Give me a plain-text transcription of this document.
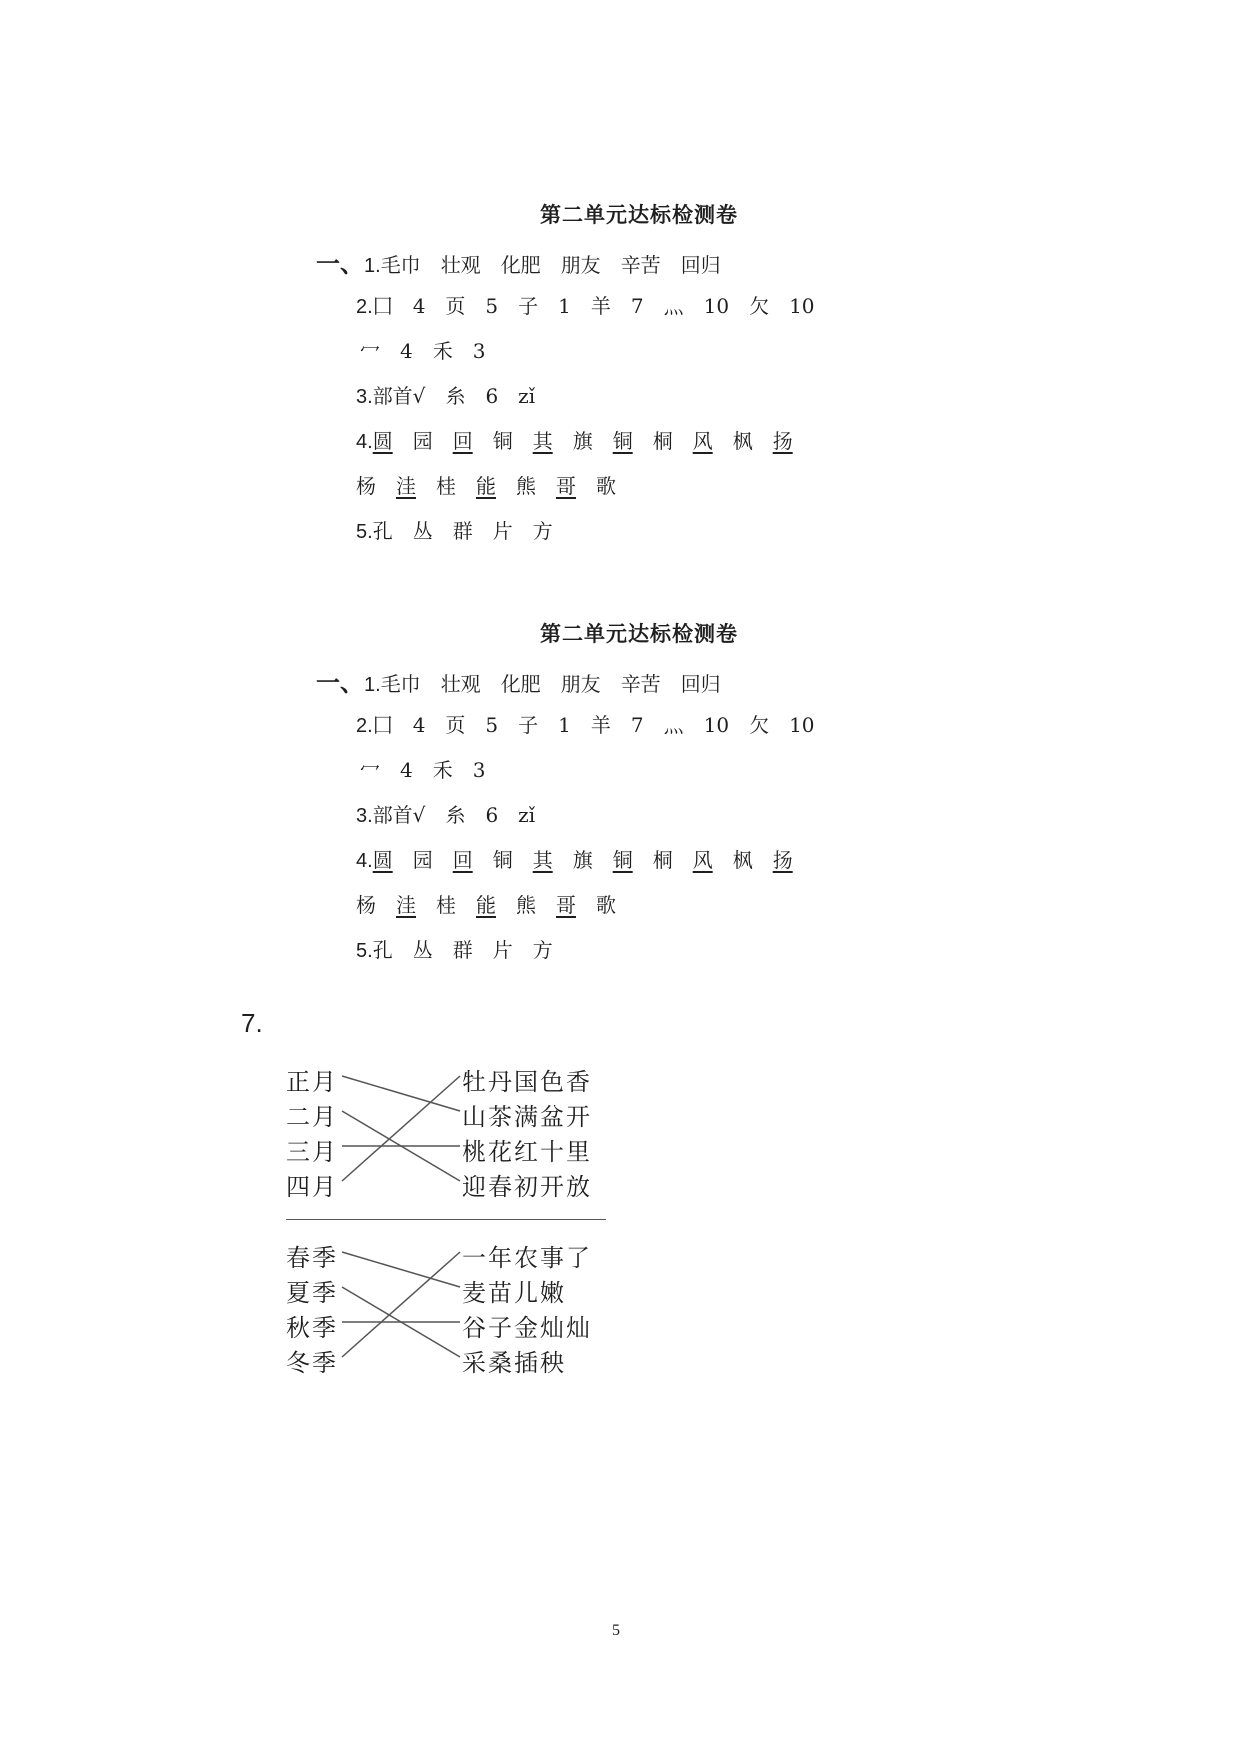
第二单元达标检测卷
一、1.毛巾 壮观 化肥 朋友 辛苦 回归
2.囗 4 页 5 子 1 羊 7 灬 10 欠 10
冖 4 禾 3
3.部首√ 糸 6 zǐ
4.圆 园 回 铜 其 旗 铜 桐 风 枫 扬
杨 洼 桂 能 熊 哥 歌
5.孔 丛 群 片 方
第二单元达标检测卷
一、1.毛巾 壮观 化肥 朋友 辛苦 回归
2.囗 4 页 5 子 1 羊 7 灬 10 欠 10
冖 4 禾 3
3.部首√ 糸 6 zǐ
4.圆 园 回 铜 其 旗 铜 桐 风 枫 扬
杨 洼 桂 能 熊 哥 歌
5.孔 丛 群 片 方
7.
正月
二月
三月
四月
牡丹国色香
山茶满盆开
桃花红十里
迎春初开放
春季
夏季
秋季
冬季
一年农事了
麦苗儿嫩
谷子金灿灿
采桑插秧
5
